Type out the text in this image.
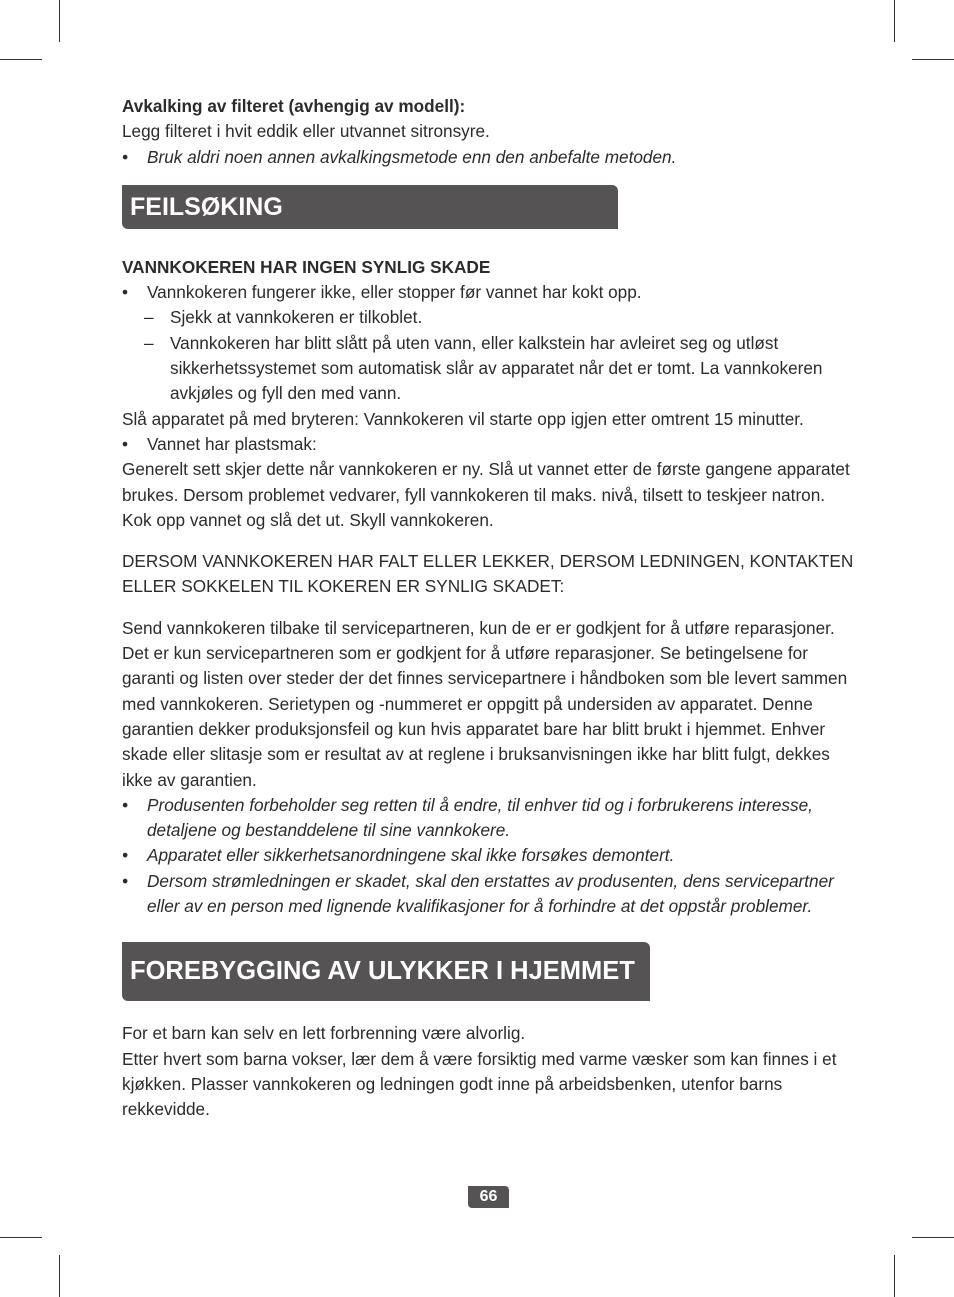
Avkalking av filteret (avhengig av modell):

Legg filteret i hvit eddik eller utvannet sitronsyre.

• Bruk aldri noen annen avkalkingsmetode enn den anbefalte metoden.

FEILSØKING

VANNKOKEREN HAR INGEN SYNLIG SKADE

• Vannkokeren fungerer ikke, eller stopper før vannet har kokt opp.

– Sjekk at vannkokeren er tilkoblet.

– Vannkokeren har blitt slått på uten vann, eller kalkstein har avleiret seg og utløst sikkerhetssystemet som automatisk slår av apparatet når det er tomt. La vannkokeren avkjøles og fyll den med vann.

Slå apparatet på med bryteren: Vannkokeren vil starte opp igjen etter omtrent 15 minutter.

• Vannet har plastsmak:

Generelt sett skjer dette når vannkokeren er ny. Slå ut vannet etter de første gangene apparatet brukes. Dersom problemet vedvarer, fyll vannkokeren til maks. nivå, tilsett to teskjeer natron. Kok opp vannet og slå det ut. Skyll vannkokeren.

DERSOM VANNKOKEREN HAR FALT ELLER LEKKER, DERSOM LEDNINGEN, KONTAKTEN ELLER SOKKELEN TIL KOKEREN ER SYNLIG SKADET:

Send vannkokeren tilbake til servicepartneren, kun de er er godkjent for å utføre reparasjoner. Det er kun servicepartneren som er godkjent for å utføre reparasjoner. Se betingelsene for garanti og listen over steder der det finnes servicepartnere i håndboken som ble levert sammen med vannkokeren. Serietypen og -nummeret er oppgitt på undersiden av apparatet. Denne garantien dekker produksjonsfeil og kun hvis apparatet bare har blitt brukt i hjemmet. Enhver skade eller slitasje som er resultat av at reglene i bruksanvisningen ikke har blitt fulgt, dekkes ikke av garantien.

• Produsenten forbeholder seg retten til å endre, til enhver tid og i forbrukerens interesse, detaljene og bestanddelene til sine vannkokere.

• Apparatet eller sikkerhetsanordningene skal ikke forsøkes demontert.

• Dersom strømledningen er skadet, skal den erstattes av produsenten, dens servicepartner eller av en person med lignende kvalifikasjoner for å forhindre at det oppstår problemer.

FOREBYGGING AV ULYKKER I HJEMMET

For et barn kan selv en lett forbrenning være alvorlig.

Etter hvert som barna vokser, lær dem å være forsiktig med varme væsker som kan finnes i et kjøkken. Plasser vannkokeren og ledningen godt inne på arbeidsbenken, utenfor barns rekkevidde.

66
